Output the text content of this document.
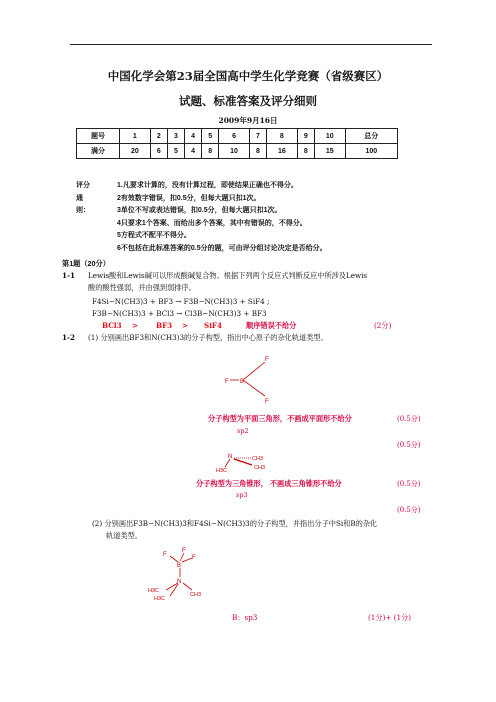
中国化学会第23届全国高中学生化学竞赛（省级赛区）
试题、标准答案及评分细则
2009年9月16日
题号	1	2	3	4	5	6	7	8	9	10	总分
满分	20	6	5	4	8	10	8	16	8	15	100
评分通则：
1.凡要求计算的，没有计算过程，即使结果正确也不得分。
2有效数字错误，扣0.5分，但每大题只扣1次。
3单位不写或表达错误，扣0.5分，但每大题只扣1次。
4只要求1个答案、而给出多个答案，其中有错误的，不得分。
5方程式不配平不得分。
6不包括在此标准答案的0.5分的题，可由评分组讨论决定是否给分。
第1题（20分）
1-1 Lewis酸和Lewis碱可以形成酸碱复合物。根据下列两个反应式判断反应中所涉及Lewis
酸的酸性强弱，并由强到弱排序。
F4Si−N(CH3)3 + BF3 → F3B−N(CH3)3 + SiF4 ;
F3B−N(CH3)3 + BCl3 → Cl3B−N(CH3)3 + BF3
BCl3 > BF3 > SiF4	顺序错误不给分	(2分)
1-2 (1) 分别画出BF3和N(CH3)3的分子构型，指出中心原子的杂化轨道类型。
F B
F
F
分子构型为平面三角形，不画成平面形不给分	(0.5分)
sp2
(0.5分)
N
H3C
CH3
CH3
分子构型为三角锥形， 不画成三角锥形不给分	(0.5分)
sp3
(0.5分)
(2) 分别画出F3B−N(CH3)3和F4Si−N(CH3)3的分子构型，并指出分子中Si和B的杂化
轨道类型。
F
F
F
B
N
H3C
H3C
CH3
B：sp3	(1分)+ (1分)
